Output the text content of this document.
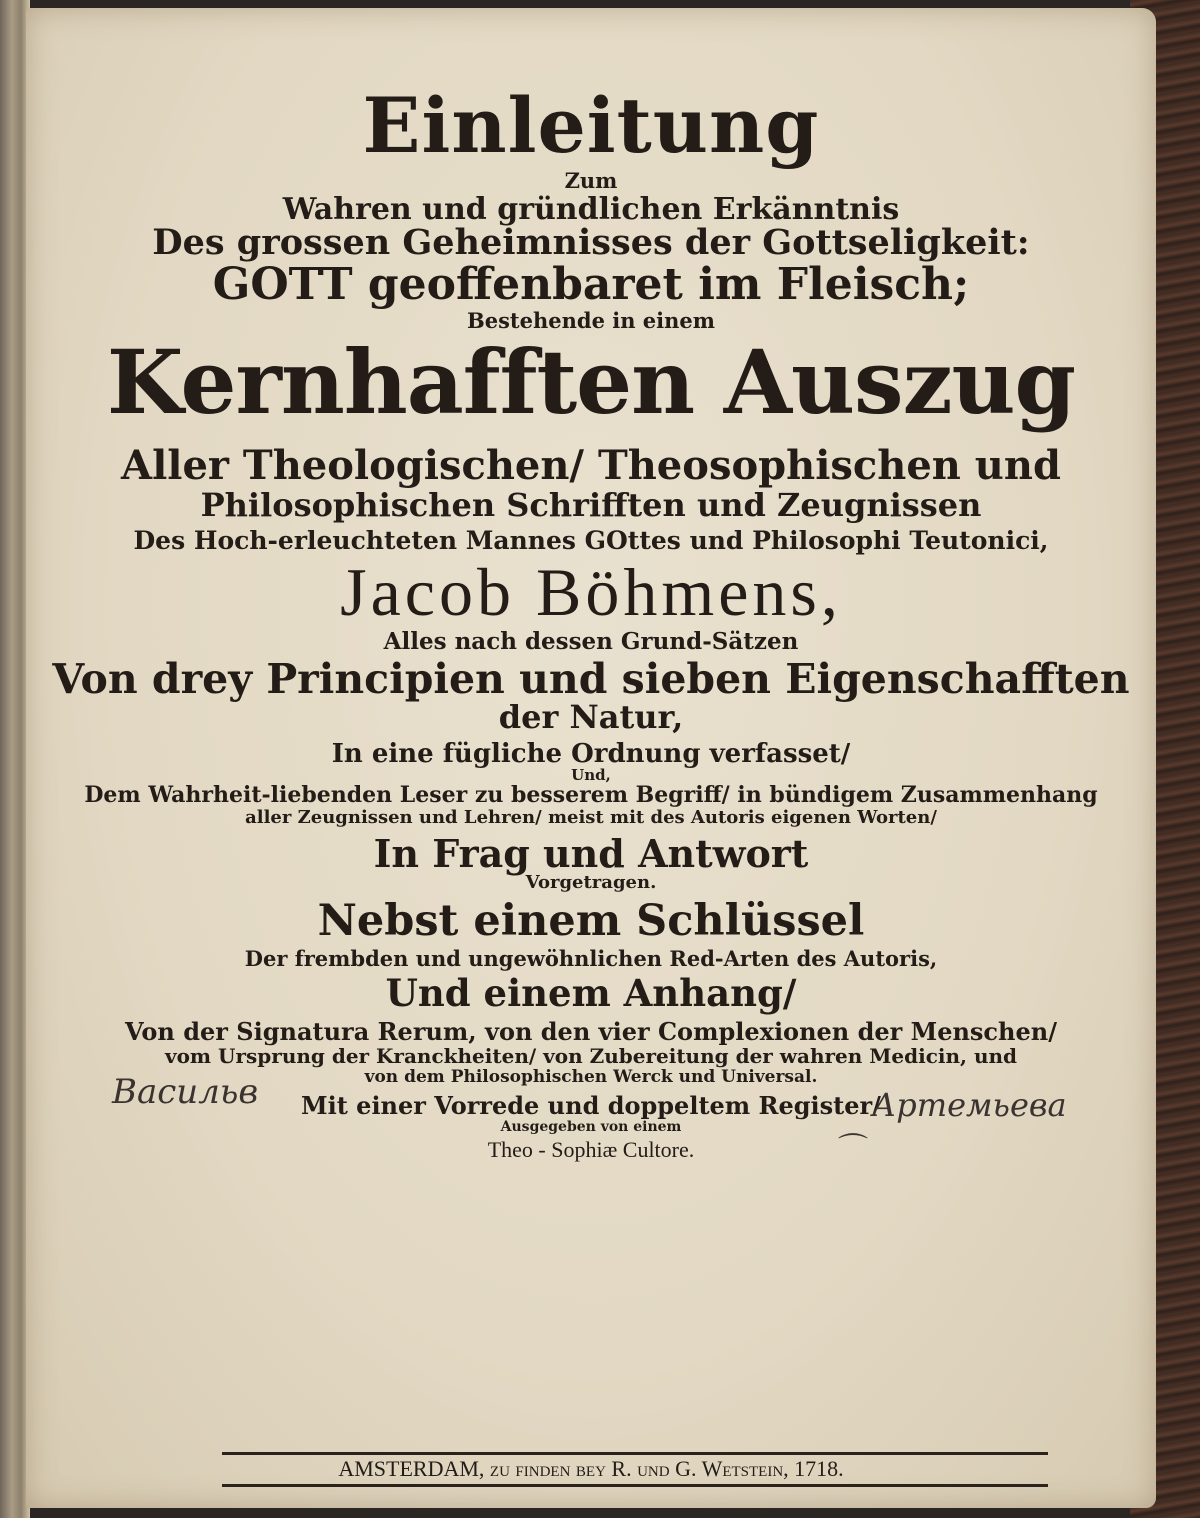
Einleitung
Zum
Wahren und gründlichen Erkänntnis
Des grossen Geheimnisses der Gottseligkeit:
GOTT geoffenbaret im Fleisch;
Bestehende in einem
Kernhafften Auszug
Aller Theologischen/ Theosophischen und
Philosophischen Schrifften und Zeugnissen
Des Hoch-erleuchteten Mannes GOttes und Philosophi Teutonici,
Jacob Böhmens,
Alles nach dessen Grund-Sätzen
Von drey Principien und sieben Eigenschafften
der Natur,
In eine fügliche Ordnung verfasset/
Und,
Dem Wahrheit-liebenden Leser zu besserem Begriff/ in bündigem Zusammenhang
aller Zeugnissen und Lehren/ meist mit des Autoris eigenen Worten/
In Frag und Antwort
Vorgetragen.
Nebst einem Schlüssel
Der frembden und ungewöhnlichen Red-Arten des Autoris,
Und einem Anhang/
Von der Signatura Rerum, von den vier Complexionen der Menschen/
vom Ursprung der Kranckheiten/ von Zubereitung der wahren Medicin, und
von dem Philosophischen Werck und Universal.
Mit einer Vorrede und doppeltem Register/
Ausgegeben von einem
Theo - Sophiæ Cultore.
AMSTERDAM, zu finden bey R. und G. Wetstein, 1718.
Васильв	Артемьева
⌒
